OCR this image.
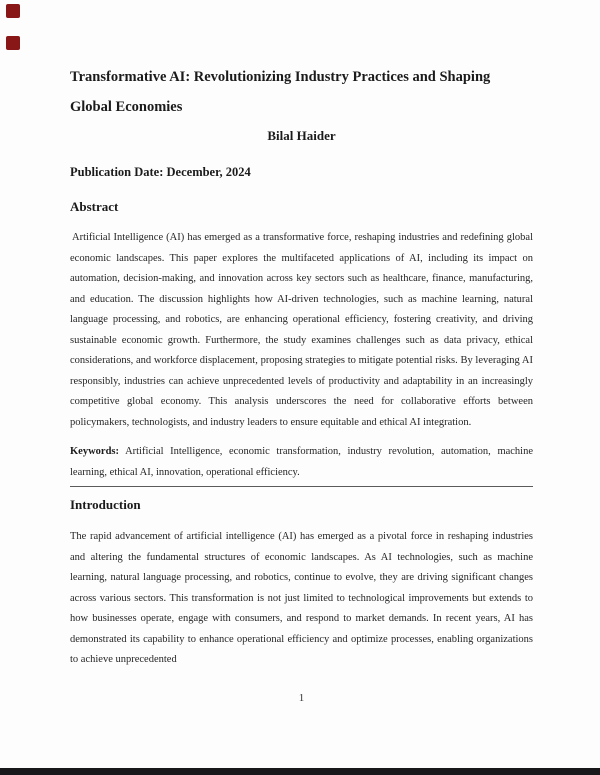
Transformative AI: Revolutionizing Industry Practices and Shaping
Global Economies
Bilal Haider
Publication Date: December, 2024
Abstract
Artificial Intelligence (AI) has emerged as a transformative force, reshaping industries and redefining global economic landscapes. This paper explores the multifaceted applications of AI, including its impact on automation, decision-making, and innovation across key sectors such as healthcare, finance, manufacturing, and education. The discussion highlights how AI-driven technologies, such as machine learning, natural language processing, and robotics, are enhancing operational efficiency, fostering creativity, and driving sustainable economic growth. Furthermore, the study examines challenges such as data privacy, ethical considerations, and workforce displacement, proposing strategies to mitigate potential risks. By leveraging AI responsibly, industries can achieve unprecedented levels of productivity and adaptability in an increasingly competitive global economy. This analysis underscores the need for collaborative efforts between policymakers, technologists, and industry leaders to ensure equitable and ethical AI integration.
Keywords: Artificial Intelligence, economic transformation, industry revolution, automation, machine learning, ethical AI, innovation, operational efficiency.
Introduction
The rapid advancement of artificial intelligence (AI) has emerged as a pivotal force in reshaping industries and altering the fundamental structures of economic landscapes. As AI technologies, such as machine learning, natural language processing, and robotics, continue to evolve, they are driving significant changes across various sectors. This transformation is not just limited to technological improvements but extends to how businesses operate, engage with consumers, and respond to market demands. In recent years, AI has demonstrated its capability to enhance operational efficiency and optimize processes, enabling organizations to achieve unprecedented
1
